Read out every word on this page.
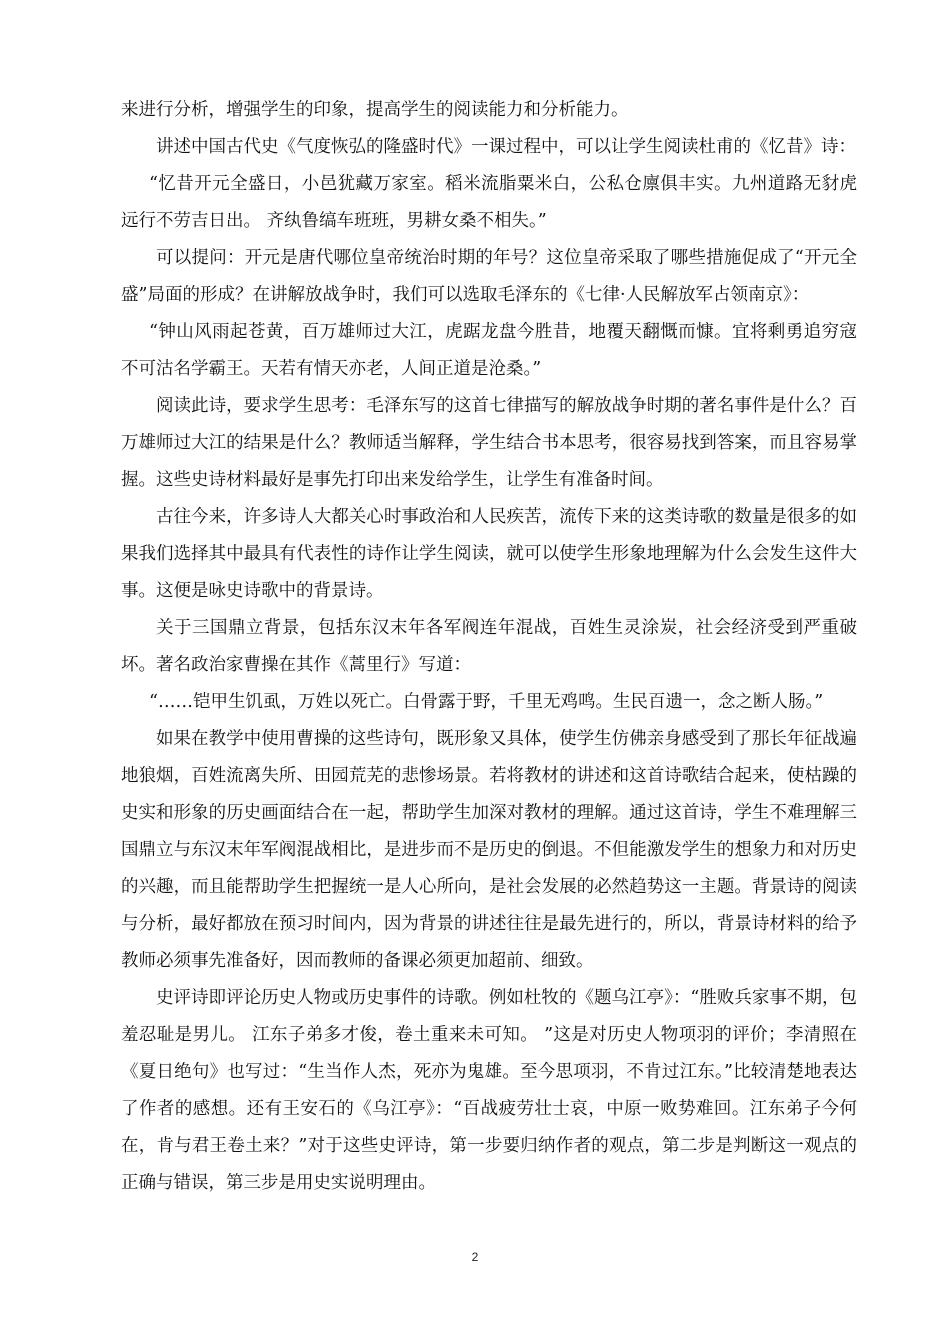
来进行分析，增强学生的印象，提高学生的阅读能力和分析能力。

讲述中国古代史《气度恢弘的隆盛时代》一课过程中，可以让学生阅读杜甫的《忆昔》诗：

“忆昔开元全盛日，小邑犹藏万家室。稻米流脂粟米白，公私仓廪俱丰实。九州道路无豺虎远行不劳吉日出。 齐纨鲁缟车班班，男耕女桑不相失。”

可以提问：开元是唐代哪位皇帝统治时期的年号？这位皇帝采取了哪些措施促成了“开元全盛”局面的形成？在讲解放战争时，我们可以选取毛泽东的《七律·人民解放军占领南京》：

“钟山风雨起苍黄，百万雄师过大江，虎踞龙盘今胜昔，地覆天翻慨而慷。宜将剩勇追穷寇不可沽名学霸王。天若有情天亦老，人间正道是沧桑。”

阅读此诗，要求学生思考：毛泽东写的这首七律描写的解放战争时期的著名事件是什么？百万雄师过大江的结果是什么？教师适当解释，学生结合书本思考，很容易找到答案，而且容易掌握。这些史诗材料最好是事先打印出来发给学生，让学生有准备时间。

古往今来，许多诗人大都关心时事政治和人民疾苦，流传下来的这类诗歌的数量是很多的如果我们选择其中最具有代表性的诗作让学生阅读，就可以使学生形象地理解为什么会发生这件大事。这便是咏史诗歌中的背景诗。

关于三国鼎立背景，包括东汉末年各军阀连年混战，百姓生灵涂炭，社会经济受到严重破坏。著名政治家曹操在其作《蒿里行》写道：

“……铠甲生饥虱，万姓以死亡。白骨露于野，千里无鸡鸣。生民百遗一，念之断人肠。”

如果在教学中使用曹操的这些诗句，既形象又具体，使学生仿佛亲身感受到了那长年征战遍地狼烟，百姓流离失所、田园荒芜的悲惨场景。若将教材的讲述和这首诗歌结合起来，使枯躁的史实和形象的历史画面结合在一起，帮助学生加深对教材的理解。通过这首诗，学生不难理解三国鼎立与东汉末年军阀混战相比，是进步而不是历史的倒退。不但能激发学生的想象力和对历史的兴趣，而且能帮助学生把握统一是人心所向，是社会发展的必然趋势这一主题。背景诗的阅读与分析，最好都放在预习时间内，因为背景的讲述往往是最先进行的，所以，背景诗材料的给予教师必须事先准备好，因而教师的备课必须更加超前、细致。

史评诗即评论历史人物或历史事件的诗歌。例如杜牧的《题乌江亭》：“胜败兵家事不期，包羞忍耻是男儿。 江东子弟多才俊，卷土重来未可知。 ”这是对历史人物项羽的评价；李清照在《夏日绝句》也写过：“生当作人杰，死亦为鬼雄。至今思项羽，不肯过江东。”比较清楚地表达了作者的感想。还有王安石的《乌江亭》：“百战疲劳壮士哀，中原一败势难回。江东弟子今何在，肯与君王卷土来？”对于这些史评诗，第一步要归纳作者的观点，第二步是判断这一观点的正确与错误，第三步是用史实说明理由。

2
